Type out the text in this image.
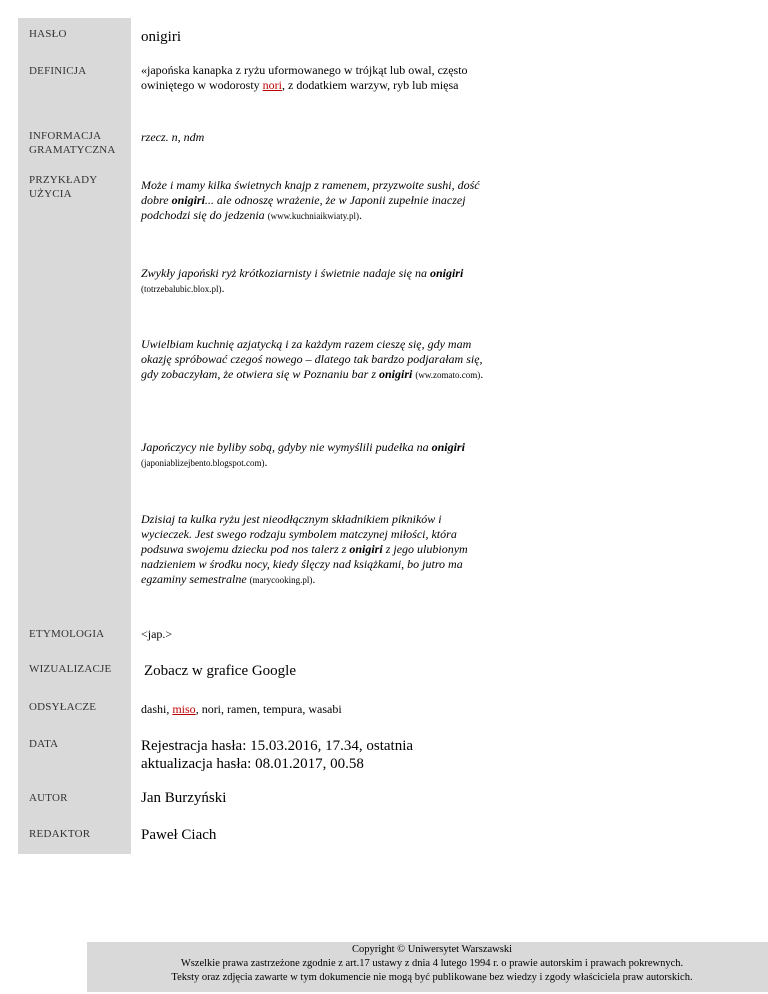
HASŁO
DEFINICJA
INFORMACJA
GRAMATYCZNA
PRZYKŁADY
UŻYCIA
ETYMOLOGIA
WIZUALIZACJE
ODSYŁACZE
DATA
AUTOR
REDAKTOR
onigiri
«japońska kanapka z ryżu uformowanego w trójkąt lub owal, często owiniętego w wodorosty nori, z dodatkiem warzyw, ryb lub mięsa
rzecz. n, ndm
Może i mamy kilka świetnych knajp z ramenem, przyzwoite sushi, dość dobre onigiri... ale odnoszę wrażenie, że w Japonii zupełnie inaczej podchodzi się do jedzenia (www.kuchniaikwiaty.pl).
Zwykły japoński ryż krótkoziarnisty i świetnie nadaje się na onigiri (totrzebalubic.blox.pl).
Uwielbiam kuchnię azjatycką i za każdym razem cieszę się, gdy mam okazję spróbować czegoś nowego – dlatego tak bardzo podjarałam się, gdy zobaczyłam, że otwiera się w Poznaniu bar z onigiri (ww.zomato.com).
Japończycy nie byliby sobą, gdyby nie wymyślili pudełka na onigiri (japoniablizejbento.blogspot.com).
Dzisiaj ta kulka ryżu jest nieodłącznym składnikiem pikników i wycieczek. Jest swego rodzaju symbolem matczynej miłości, która podsuwa swojemu dziecku pod nos talerz z onigiri z jego ulubionym nadzieniem w środku nocy, kiedy ślęczy nad książkami, bo jutro ma egzaminy semestralne (marycooking.pl).
<jap.>
Zobacz w grafice Google
dashi, miso, nori, ramen, tempura, wasabi
Rejestracja hasła: 15.03.2016, 17.34, ostatnia
aktualizacja hasła: 08.01.2017, 00.58
Jan Burzyński
Paweł Ciach
Copyright © Uniwersytet Warszawski
Wszelkie prawa zastrzeżone zgodnie z art.17 ustawy z dnia 4 lutego 1994 r. o prawie autorskim i prawach pokrewnych.
Teksty oraz zdjęcia zawarte w tym dokumencie nie mogą być publikowane bez wiedzy i zgody właściciela praw autorskich.
